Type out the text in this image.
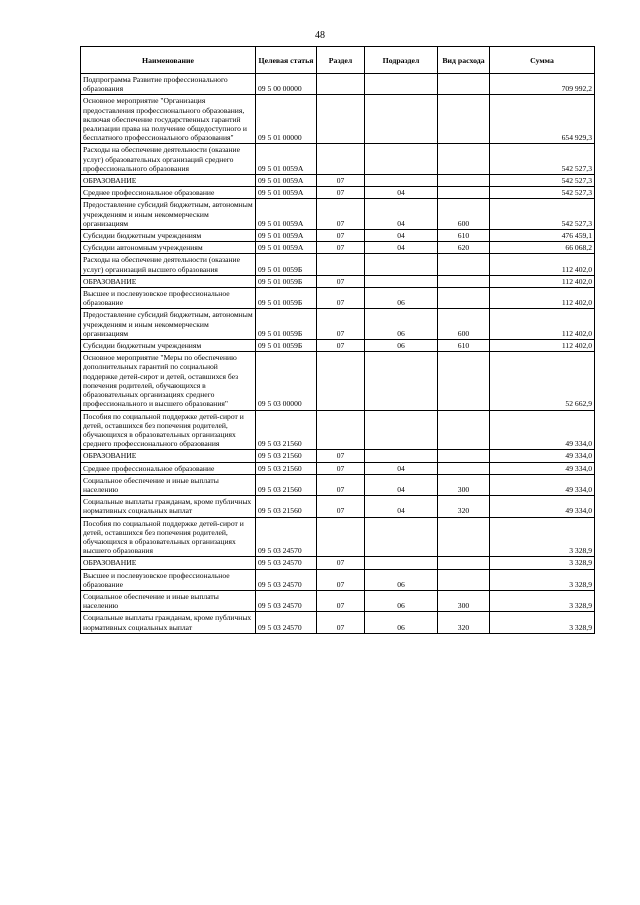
48
Наименование	Целевая статья	Раздел	Подраздел	Вид расхода	Сумма
Подпрограмма Развитие профессионального образования	09 5 00 00000				709 992,2
Основное мероприятие "Организация предоставления профессионального образования, включая обеспечение государственных гарантий реализации права на получение общедоступного и бесплатного профессионального образования"	09 5 01 00000				654 929,3
Расходы на обеспечение деятельности (оказание услуг) образовательных организаций среднего профессионального образования	09 5 01 0059А				542 527,3
ОБРАЗОВАНИЕ	09 5 01 0059А	07			542 527,3
Среднее профессиональное образование	09 5 01 0059А	07	04		542 527,3
Предоставление субсидий бюджетным, автономным учреждениям и иным некоммерческим организациям	09 5 01 0059А	07	04	600	542 527,3
Субсидии бюджетным учреждениям	09 5 01 0059А	07	04	610	476 459,1
Субсидии автономным учреждениям	09 5 01 0059А	07	04	620	66 068,2
Расходы на обеспечение деятельности (оказание услуг) организаций высшего образования	09 5 01 0059Б				112 402,0
ОБРАЗОВАНИЕ	09 5 01 0059Б	07			112 402,0
Высшее и послевузовское профессиональное образование	09 5 01 0059Б	07	06		112 402,0
Предоставление субсидий бюджетным, автономным учреждениям и иным некоммерческим организациям	09 5 01 0059Б	07	06	600	112 402,0
Субсидии бюджетным учреждениям	09 5 01 0059Б	07	06	610	112 402,0
Основное мероприятие "Меры по обеспечению дополнительных гарантий по социальной поддержке детей-сирот и детей, оставшихся без попечения родителей, обучающихся в образовательных организациях среднего профессионального и высшего образования"	09 5 03 00000				52 662,9
Пособия по социальной поддержке детей-сирот и детей, оставшихся без попечения родителей, обучающихся в образовательных организациях среднего профессионального образования	09 5 03 21560				49 334,0
ОБРАЗОВАНИЕ	09 5 03 21560	07			49 334,0
Среднее профессиональное образование	09 5 03 21560	07	04		49 334,0
Социальное обеспечение и иные выплаты населению	09 5 03 21560	07	04	300	49 334,0
Социальные выплаты гражданам, кроме публичных нормативных социальных выплат	09 5 03 21560	07	04	320	49 334,0
Пособия по социальной поддержке детей-сирот и детей, оставшихся без попечения родителей, обучающихся в образовательных организациях высшего образования	09 5 03 24570				3 328,9
ОБРАЗОВАНИЕ	09 5 03 24570	07			3 328,9
Высшее и послевузовское профессиональное образование	09 5 03 24570	07	06		3 328,9
Социальное обеспечение и иные выплаты населению	09 5 03 24570	07	06	300	3 328,9
Социальные выплаты гражданам, кроме публичных нормативных социальных выплат	09 5 03 24570	07	06	320	3 328,9
